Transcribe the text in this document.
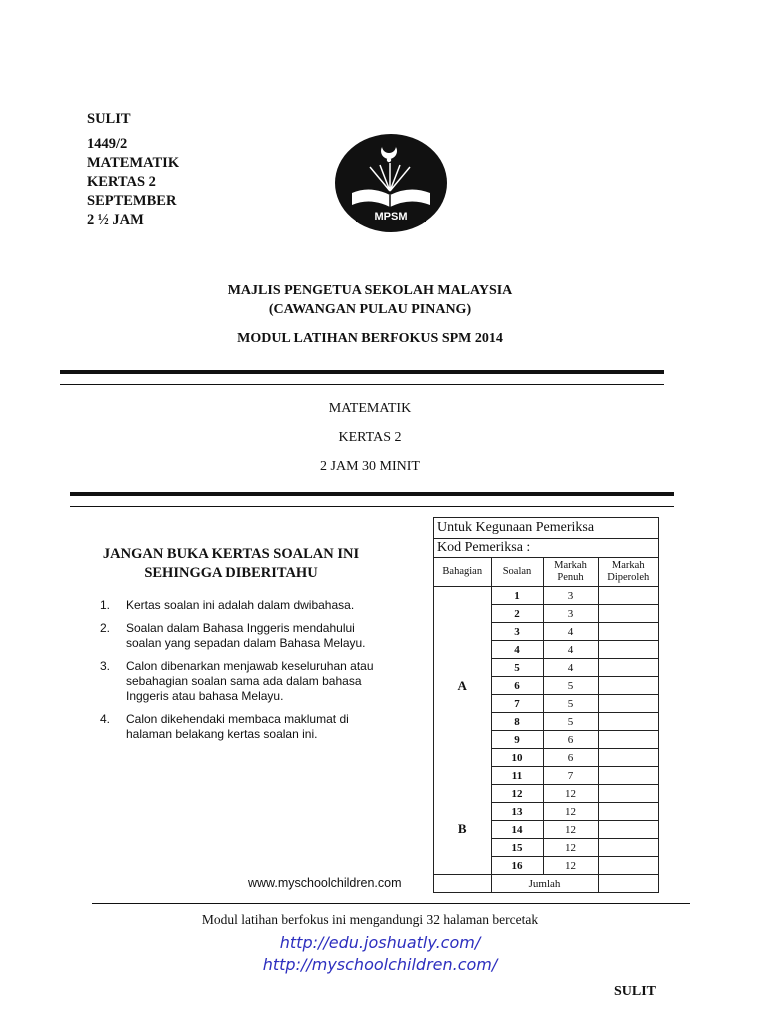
SULIT
1449/2
MATEMATIK
KERTAS 2
SEPTEMBER
2 ½ JAM	MPSM
MAJLIS PENGETUA SEKOLAH MALAYSIA
(CAWANGAN PULAU PINANG)
MODUL LATIHAN BERFOKUS SPM 2014
MATEMATIK
KERTAS 2
2 JAM 30 MINIT
JANGAN BUKA KERTAS SOALAN INI
SEHINGGA DIBERITAHU
1.	Kertas soalan ini adalah dalam dwibahasa.
2.	Soalan dalam Bahasa Inggeris mendahului soalan yang sepadan dalam Bahasa Melayu.
3.	Calon dibenarkan menjawab keseluruhan atau sebahagian soalan sama ada dalam bahasa Inggeris atau bahasa Melayu.
4.	Calon dikehendaki membaca maklumat di halaman belakang kertas soalan ini.
Untuk Kegunaan Pemeriksa
Kod Pemeriksa :
Bahagian	Soalan	Markah Penuh	Markah Diperoleh
A	1	3	
	2	3	
	3	4	
	4	4	
	5	4	
	6	5	
	7	5	
	8	5	
	9	6	
	10	6	
	11	7	
B	12	12	
	13	12	
	14	12	
	15	12	
	16	12	
	Jumlah		
www.myschoolchildren.com
Modul latihan berfokus ini mengandungi 32 halaman bercetak
http://edu.joshuatly.com/
http://myschoolchildren.com/
SULIT
